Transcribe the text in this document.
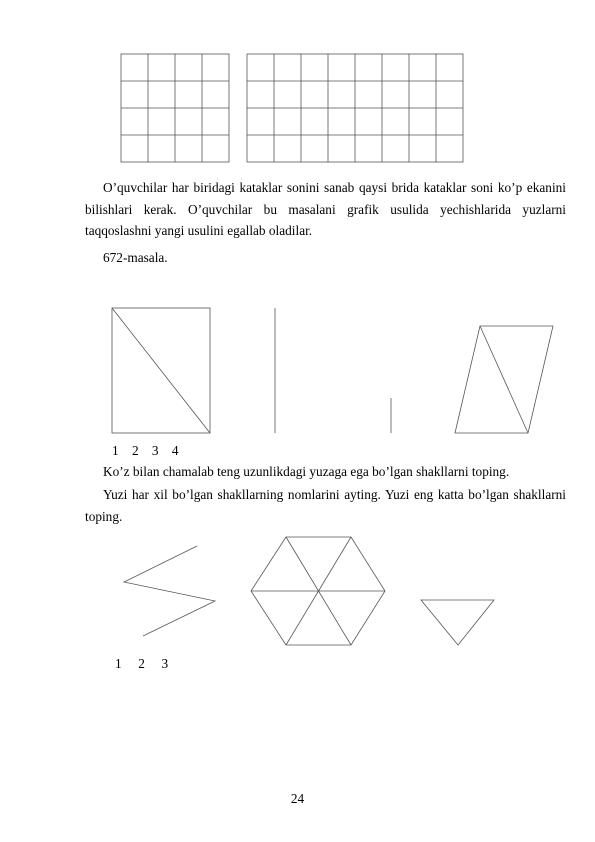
O’quvchilar har biridagi kataklar sonini sanab qaysi brida kataklar soni ko’p ekanini bilishlari kerak. O’quvchilar bu masalani grafik usulida yechishlarida yuzlarni taqqoslashni yangi usulini egallab oladilar.

672-masala.
1    2    3    4
Ko’z bilan chamalab teng uzunlikdagi yuzaga ega bo’lgan shakllarni toping.

Yuzi har xil bo’lgan shakllarning nomlarini ayting. Yuzi eng katta bo’lgan shakllarni toping.

1     2     3
24
